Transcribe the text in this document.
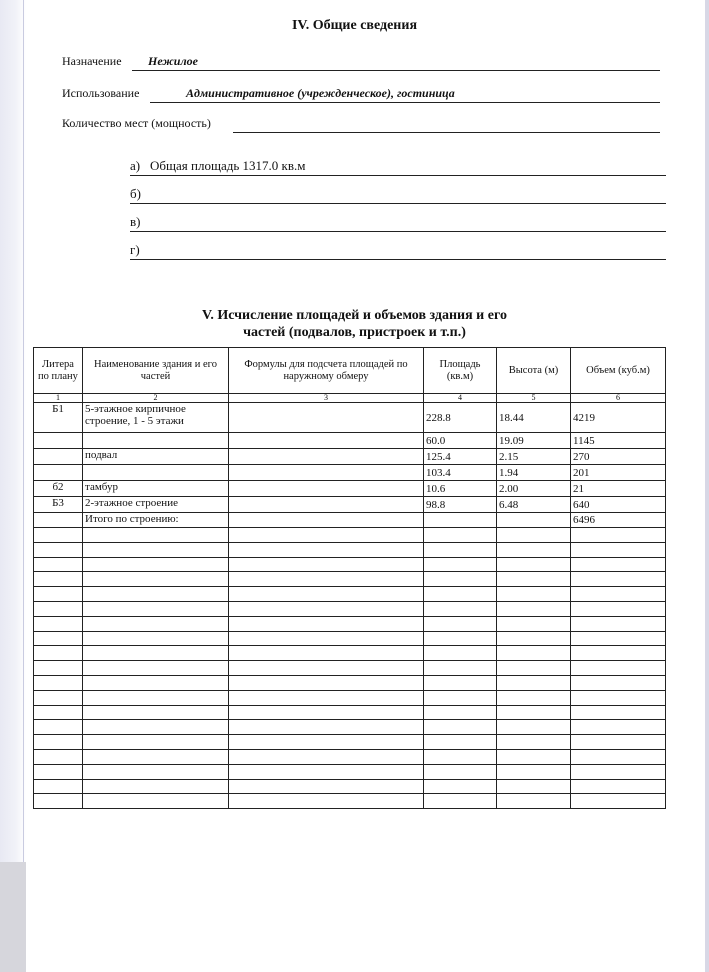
IV. Общие сведения
Назначение Нежилое
Использование	Административное (учрежденческое), гостиница
Количество мест (мощность)
а) Общая площадь 1317.0 кв.м
б)
в)
г)
V. Исчисление площадей и объемов здания и его
частей (подвалов, пристроек и т.п.)
Литера по плану	Наименование здания и его частей	Формулы для подсчета площадей по наружному обмеру	Площадь (кв.м)	Высота (м)	Объем (куб.м)
1	2	3	4	5	6
Б1	5-этажное кирпичное строение, 1 - 5 этажи		228.8	18.44	4219
			60.0	19.09	1145
	подвал		125.4	2.15	270
			103.4	1.94	201
б2	тамбур		10.6	2.00	21
Б3	2-этажное строение		98.8	6.48	640
	Итого по строению:				6496
